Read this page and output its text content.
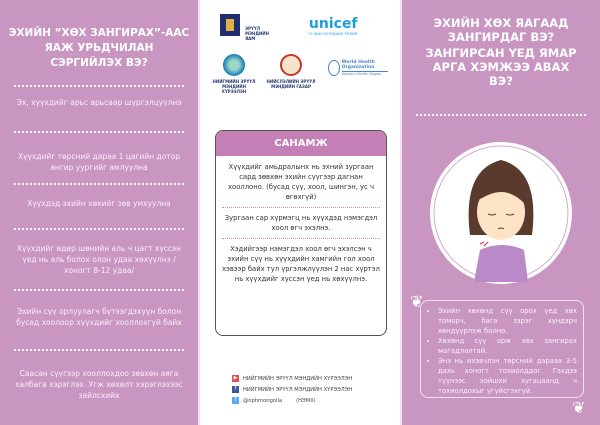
ЭХИЙН “ХӨХ ЗАНГИРАХ”-ААС ЯАЖ УРЬДЧИЛАН СЭРГИЙЛЭХ ВЭ?
Эх, хүүхдийг арьс арьсаар шүргэлцүүлнэ
Хүүхдийг төрсний дараа 1 цагийн дотор ангир уургийг амлуулна
Хүүхдэд эхийн хөхийг зөв умхуулна
Хүүхдийг өдөр шөнийн аль ч цагт хүссэн үед нь аль болох олон удаа хөхүүлнэ /хоногт 8-12 удаа/
Эхийн сүү орлуулагч бүтээгдэхүүн болон бусад хоолоор хүүхдийг хооллохгүй байх
Саасан сүүгээр хооллохдоо зөвхөн аяга халбага хэрэглэх. Угж хөхөлт хэрэглэхээс зайлсхийх
ЭРҮҮЛ МЭНДИЙН ЯАМ
unicef
70 ЖИЛ ХҮҮХДИЙН ТӨЛӨӨ
НИЙГМИЙН ЭРҮҮЛ МЭНДИЙН ХҮРЭЭЛЭН
НИЙСЛЭЛИЙН ЭРҮҮЛ МЭНДИЙН ГАЗАР
World Health Organization
Western Pacific Region
САНАМЖ
Хүүхдийг амьдралынх нь эхний зургаан сард зөвхөн эхийн сүүгээр дагнан хооллоно. (бусад сүү, хоол, шингэн, ус ч өгөхгүй)
Зургаан сар хүрмэгц нь хүүхдэд нэмэгдэл хоол өгч эхэлнэ.
Хэдийгээр нэмэгдэл хоол өгч эхэлсэн ч эхийн сүү нь хүүхдийн хамгийн гол хоол хэвээр байх тул үргэлжлүүлэн 2 нас хүртэл нь хүүхдийг хүссэн үед нь хөхүүлнэ.
▶	НИЙГМИЙН ЭРҮҮЛ МЭНДИЙН ХҮРЭЭЛЭН
f	НИЙГМИЙН ЭРҮҮЛ МЭНДИЙН ХҮРЭЭЛЭН
t	@nphmongolia	(НЭМХ)
ЭХИЙН ХӨХ ЯАГААД ЗАНГИРДАГ ВЭ?
ЗАНГИРСАН ҮЕД ЯМАР АРГА ХЭМЖЭЭ АВАХ ВЭ?
❦
❦
• Эхийн хөхөнд сүү орох үед хөх томорч, бага зэрэг хүндэрч хөндүүрлэж болно.
• Хөхөнд сүү орж хөх зангирах магадлалтай.
• Энэ нь ихэвчлэн төрсний дараах 3-5 дахь хоногт тохиолддог. Гэхдээ түүнээс хойшхи хугацаанд ч тохиолдохыг үгүйсгэхгүй.
